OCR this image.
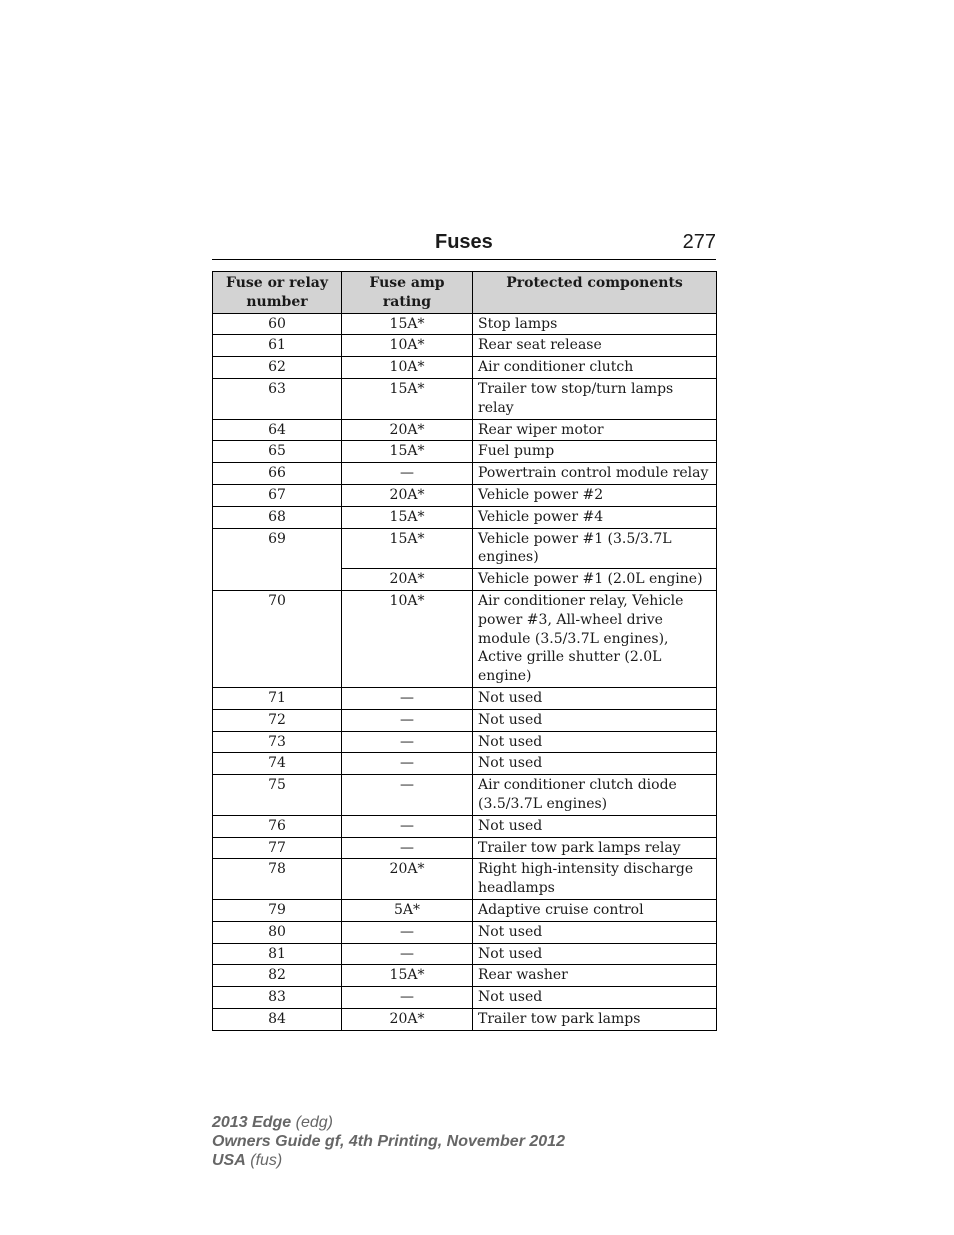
Fuses	277
Fuse or relay number	Fuse amp rating	Protected components
60	15A*	Stop lamps
61	10A*	Rear seat release
62	10A*	Air conditioner clutch
63	15A*	Trailer tow stop/turn lamps relay
64	20A*	Rear wiper motor
65	15A*	Fuel pump
66	—	Powertrain control module relay
67	20A*	Vehicle power #2
68	15A*	Vehicle power #4
69	15A*	Vehicle power #1 (3.5/3.7L engines)
	20A*	Vehicle power #1 (2.0L engine)
70	10A*	Air conditioner relay, Vehicle power #3, All-wheel drive module (3.5/3.7L engines), Active grille shutter (2.0L engine)
71	—	Not used
72	—	Not used
73	—	Not used
74	—	Not used
75	—	Air conditioner clutch diode (3.5/3.7L engines)
76	—	Not used
77	—	Trailer tow park lamps relay
78	20A*	Right high-intensity discharge headlamps
79	5A*	Adaptive cruise control
80	—	Not used
81	—	Not used
82	15A*	Rear washer
83	—	Not used
84	20A*	Trailer tow park lamps
2013 Edge (edg)
Owners Guide gf, 4th Printing, November 2012
USA (fus)
